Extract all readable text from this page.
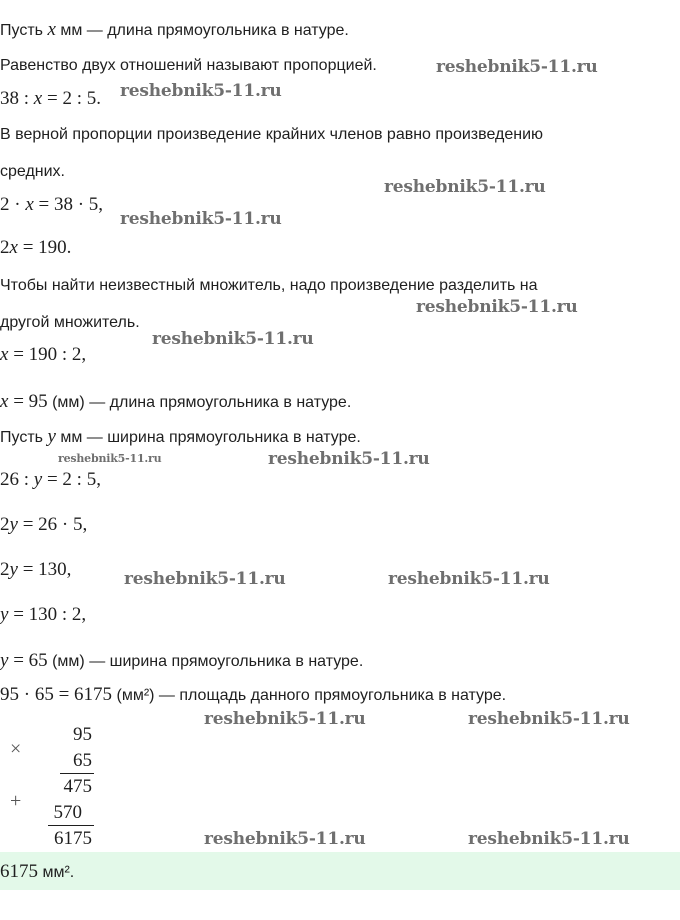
Пусть x мм — длина прямоугольника в натуре.
Равенство двух отношений называют пропорцией.
38 : x = 2 : 5.
В верной пропорции произведение крайних членов равно произведению
средних.
2 · x = 38 · 5,
2x = 190.
Чтобы найти неизвестный множитель, надо произведение разделить на
другой множитель.
x = 190 : 2,
x = 95 (мм) — длина прямоугольника в натуре.
Пусть y мм — ширина прямоугольника в натуре.
26 : y = 2 : 5,
2y = 26 · 5,
2y = 130,
y = 130 : 2,
y = 65 (мм) — ширина прямоугольника в натуре.
95 · 65 = 6175 (мм²) — площадь данного прямоугольника в натуре.
×
95
65
475
+
570
6175
6175 мм².
reshebnik5-11.ru
reshebnik5-11.ru
reshebnik5-11.ru
reshebnik5-11.ru
reshebnik5-11.ru
reshebnik5-11.ru
reshebnik5-11.ru	reshebnik5-11.ru
reshebnik5-11.ru	reshebnik5-11.ru
reshebnik5-11.ru	reshebnik5-11.ru
reshebnik5-11.ru	reshebnik5-11.ru
